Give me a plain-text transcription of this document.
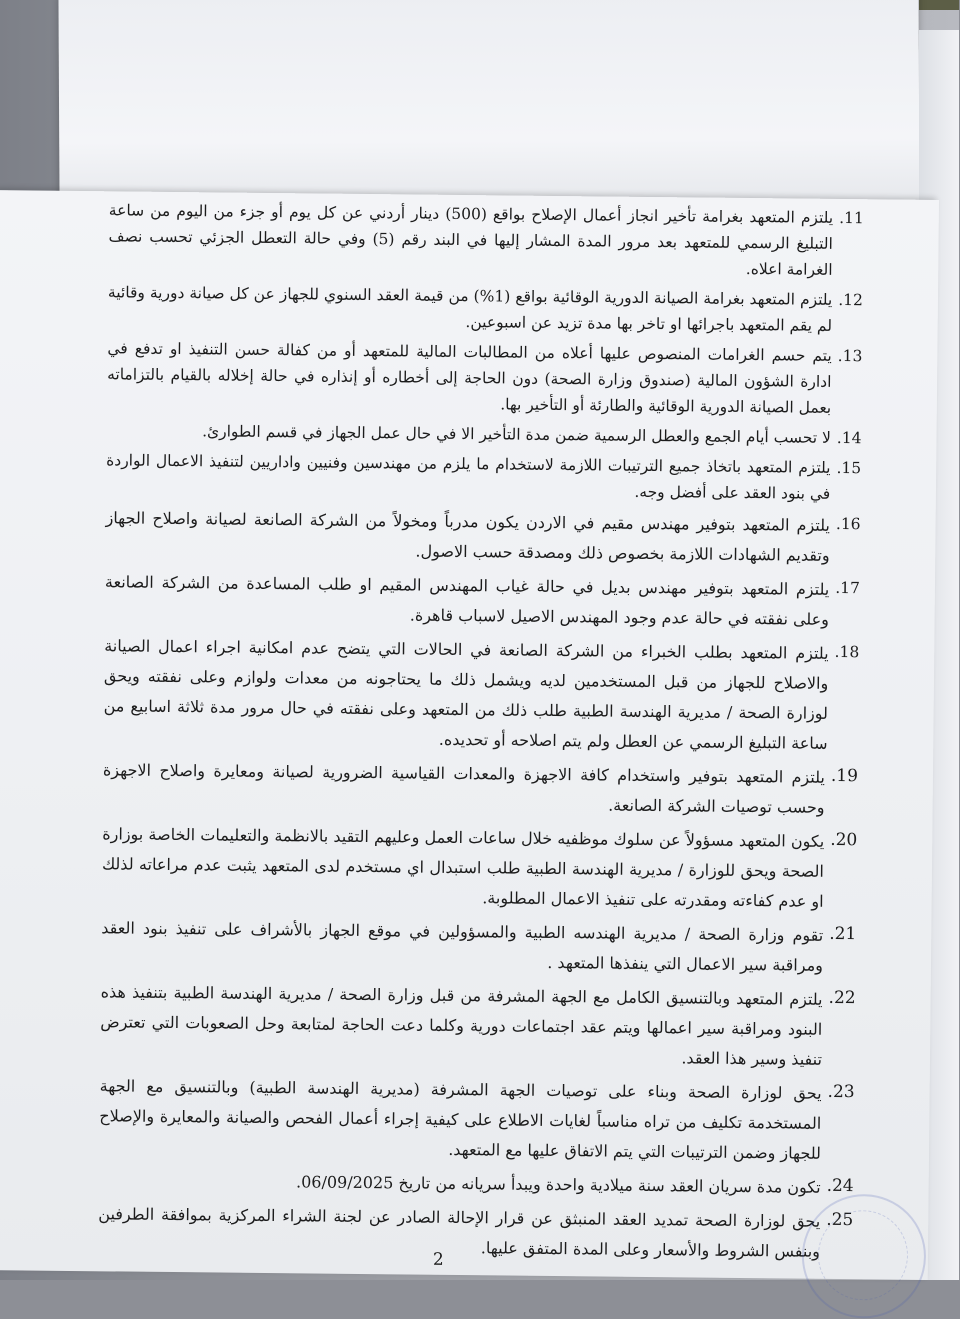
.11
يلتزم المتعهد بغرامة تأخير انجاز أعمال الإصلاح بواقع (500) دينار أردني عن كل يوم أو جزء من اليوم من ساعة التبليغ الرسمي للمتعهد بعد مرور المدة المشار إليها في البند رقم (5) وفي حالة التعطل الجزئي تحسب نصف الغرامة اعلاه.
.12
يلتزم المتعهد بغرامة الصيانة الدورية الوقائية بواقع (1%) من قيمة العقد السنوي للجهاز عن كل صيانة دورية وقائية لم يقم المتعهد باجرائها او تاخر بها مدة تزيد عن اسبوعين.
.13
يتم حسم الغرامات المنصوص عليها أعلاه من المطالبات المالية للمتعهد أو من كفالة حسن التنفيذ او تدفع في ادارة الشؤون المالية (صندوق وزارة الصحة) دون الحاجة إلى أخطاره أو إنذاره في حالة إخلاله بالقيام بالتزاماته بعمل الصيانة الدورية الوقائية والطارئة أو التأخير بها.
.14
لا تحسب أيام الجمع والعطل الرسمية ضمن مدة التأخير الا في حال عمل الجهاز في قسم الطوارئ.
.15
يلتزم المتعهد باتخاذ جميع الترتيبات اللازمة لاستخدام ما يلزم من مهندسين وفنيين واداريين لتنفيذ الاعمال الواردة في بنود العقد على أفضل وجه.
.16
يلتزم المتعهد بتوفير مهندس مقيم في الاردن يكون مدرباً ومخولاً من الشركة الصانعة لصيانة واصلاح الجهاز وتقديم الشهادات اللازمة بخصوص ذلك ومصدقة حسب الاصول.
.17
يلتزم المتعهد بتوفير مهندس بديل في حالة غياب المهندس المقيم او طلب المساعدة من الشركة الصانعة وعلى نفقته في حالة عدم وجود المهندس الاصيل لاسباب قاهرة.
.18
يلتزم المتعهد بطلب الخبراء من الشركة الصانعة في الحالات التي يتضح عدم امكانية اجراء اعمال الصيانة والاصلاح للجهاز من قبل المستخدمين لديه ويشمل ذلك ما يحتاجونه من معدات ولوازم وعلى نفقته ويحق لوزارة الصحة / مديرية الهندسة الطبية طلب ذلك من المتعهد وعلى نفقته في حال مرور مدة ثلاثة اسابيع من ساعة التبليغ الرسمي عن العطل ولم يتم اصلاحه أو تحديده.
.19
يلتزم المتعهد بتوفير واستخدام كافة الاجهزة والمعدات القياسية الضرورية لصيانة ومعايرة واصلاح الاجهزة وحسب توصيات الشركة الصانعة.
.20
يكون المتعهد مسؤولاً عن سلوك موظفيه خلال ساعات العمل وعليهم التقيد بالانظمة والتعليمات الخاصة بوزارة الصحة ويحق للوزارة / مديرية الهندسة الطبية طلب استبدال اي مستخدم لدى المتعهد يثبت عدم مراعاته لذلك او عدم كفاءته ومقدرته على تنفيذ الاعمال المطلوبة.
.21
تقوم وزارة الصحة / مديرية الهندسه الطبية والمسؤولين في موقع الجهاز بالأشراف على تنفيذ بنود العقد ومراقبة سير الاعمال التي ينفذها المتعهد .
.22
يلتزم المتعهد وبالتنسيق الكامل مع الجهة المشرفة من قبل وزارة الصحة / مديرية الهندسة الطبية بتنفيذ هذه البنود ومراقبة سير اعمالها ويتم عقد اجتماعات دورية وكلما دعت الحاجة لمتابعة وحل الصعوبات التي تعترض تنفيذ وسير هذا العقد.
.23
يحق لوزارة الصحة وبناء على توصيات الجهة المشرفة (مديرية الهندسة الطبية) وبالتنسيق مع الجهة المستخدمة تكليف من تراه مناسباً لغايات الاطلاع على كيفية إجراء أعمال الفحص والصيانة والمعايرة والإصلاح للجهاز وضمن الترتيبات التي يتم الاتفاق عليها مع المتعهد.
.24
تكون مدة سريان العقد سنة ميلادية واحدة ويبدأ سريانه من تاريخ 06/09/2025.
.25
يحق لوزارة الصحة تمديد العقد المنبثق عن قرار الإحالة الصادر عن لجنة الشراء المركزية بموافقة الطرفين وبنفس الشروط والأسعار وعلى المدة المتفق عليها.
2
